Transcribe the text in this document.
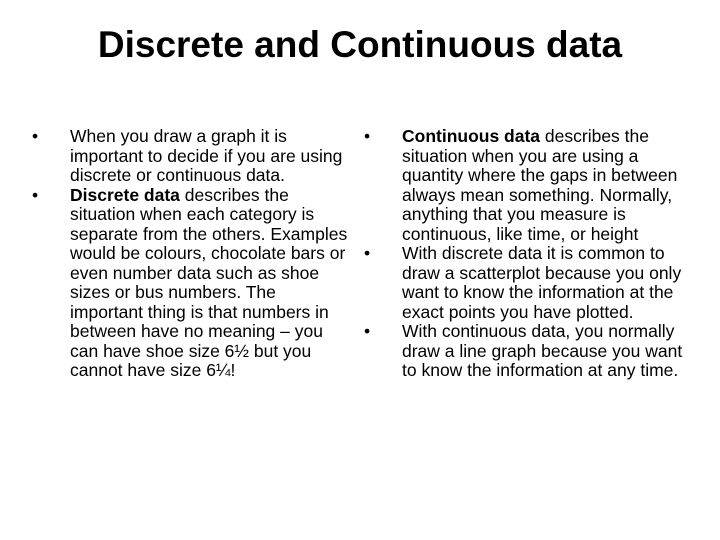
Discrete and Continuous data
•	When you draw a graph it is important to decide if you are using discrete or continuous data.
•	Discrete data describes the situation when each category is separate from the others. Examples would be colours, chocolate bars or even number data such as shoe sizes or bus numbers. The important thing is that numbers in between have no meaning – you can have shoe size 6½ but you cannot have size 6¼!
•	Continuous data describes the situation when you are using a quantity where the gaps in between always mean something. Normally, anything that you measure is continuous, like time, or height
•	With discrete data it is common to draw a scatterplot because you only want to know the information at the exact points you have plotted.
•	With continuous data, you normally draw a line graph because you want to know the information at any time.
